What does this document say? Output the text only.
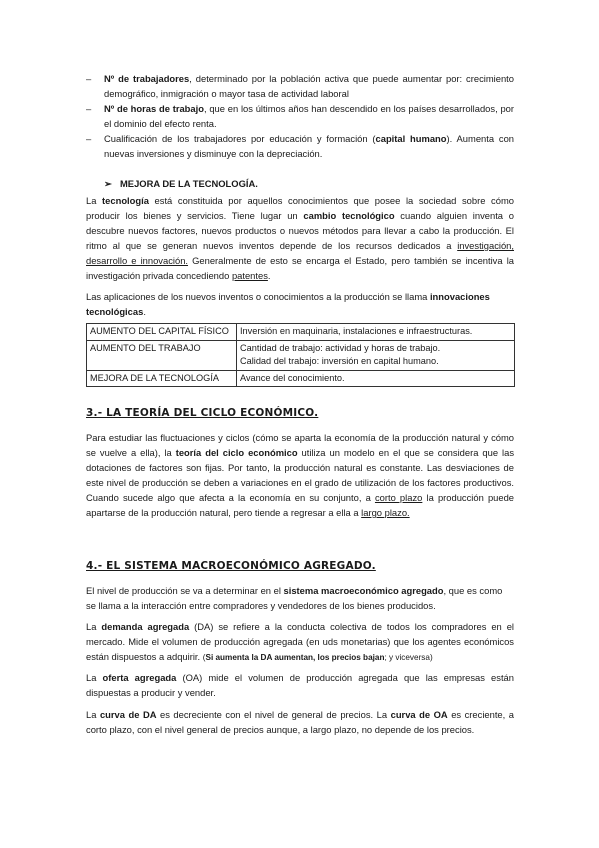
– Nº de trabajadores, determinado por la población activa que puede aumentar por: crecimiento demográfico, inmigración o mayor tasa de actividad laboral
– Nº de horas de trabajo, que en los últimos años han descendido en los países desarrollados, por el dominio del efecto renta.
– Cualificación de los trabajadores por educación y formación (capital humano). Aumenta con nuevas inversiones y disminuye con la depreciación.
➢ MEJORA DE LA TECNOLOGÍA.

La tecnología está constituida por aquellos conocimientos que posee la sociedad sobre cómo producir los bienes y servicios. Tiene lugar un cambio tecnológico cuando alguien inventa o descubre nuevos factores, nuevos productos o nuevos métodos para llevar a cabo la producción. El ritmo al que se generan nuevos inventos depende de los recursos dedicados a investigación, desarrollo e innovación. Generalmente de esto se encarga el Estado, pero también se incentiva la investigación privada concediendo patentes.

Las aplicaciones de los nuevos inventos o conocimientos a la producción se llama innovaciones tecnológicas.

AUMENTO DEL CAPITAL FÍSICO	Inversión en maquinaria, instalaciones e infraestructuras.

AUMENTO DEL TRABAJO	Cantidad de trabajo: actividad y horas de trabajo.
Calidad del trabajo: inversión en capital humano.

MEJORA DE LA TECNOLOGÍA	Avance del conocimiento.
3.- LA TEORÍA DEL CICLO ECONÓMICO.

Para estudiar las fluctuaciones y ciclos (cómo se aparta la economía de la producción natural y cómo se vuelve a ella), la teoría del ciclo económico utiliza un modelo en el que se considera que las dotaciones de factores son fijas. Por tanto, la producción natural es constante. Las desviaciones de este nivel de producción se deben a variaciones en el grado de utilización de los factores productivos. Cuando sucede algo que afecta a la economía en su conjunto, a corto plazo la producción puede apartarse de la producción natural, pero tiende a regresar a ella a largo plazo.

4.- EL SISTEMA MACROECONÓMICO AGREGADO.

El nivel de producción se va a determinar en el sistema macroeconómico agregado, que es como se llama a la interacción entre compradores y vendedores de los bienes producidos.

La demanda agregada (DA) se refiere a la conducta colectiva de todos los compradores en el mercado. Mide el volumen de producción agregada (en uds monetarias) que los agentes económicos están dispuestos a adquirir. (Si aumenta la DA aumentan, los precios bajan; y viceversa)

La oferta agregada (OA) mide el volumen de producción agregada que las empresas están dispuestas a producir y vender.

La curva de DA es decreciente con el nivel de general de precios. La curva de OA es creciente, a corto plazo, con el nivel general de precios aunque, a largo plazo, no depende de los precios.
